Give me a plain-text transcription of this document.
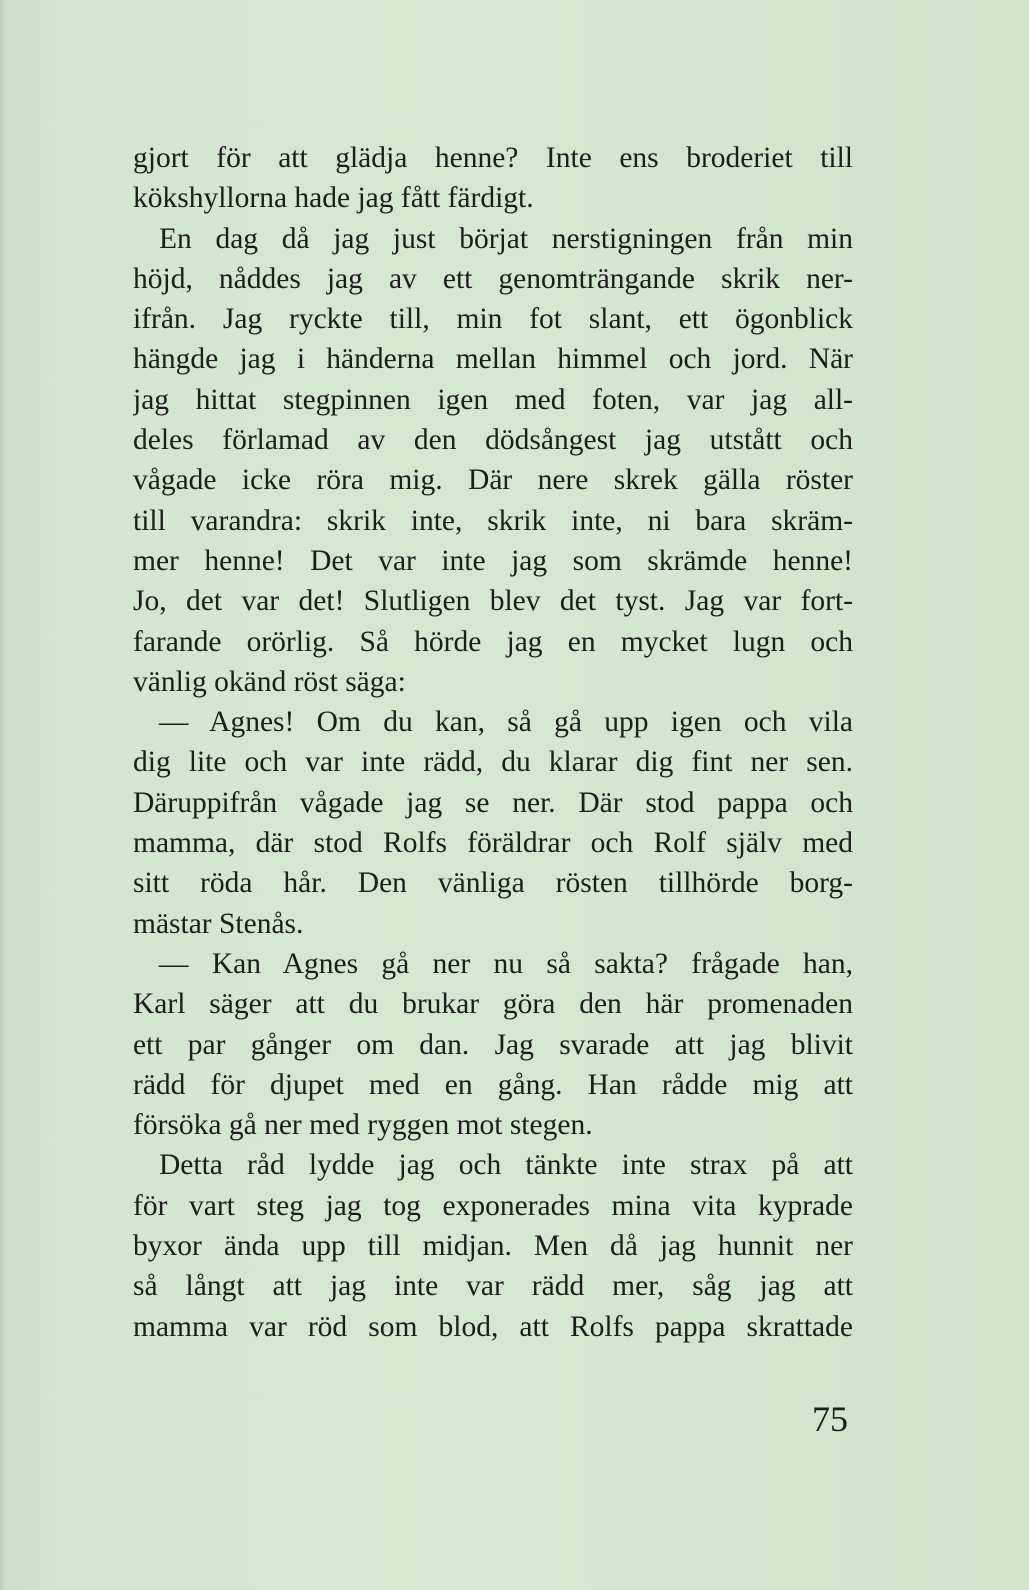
gjort för att glädja henne? Inte ens broderiet till
kökshyllorna hade jag fått färdigt.
En dag då jag just börjat nerstigningen från min
höjd, nåddes jag av ett genomträngande skrik ner-
ifrån. Jag ryckte till, min fot slant, ett ögonblick
hängde jag i händerna mellan himmel och jord. När
jag hittat stegpinnen igen med foten, var jag all-
deles förlamad av den dödsångest jag utstått och
vågade icke röra mig. Där nere skrek gälla röster
till varandra: skrik inte, skrik inte, ni bara skräm-
mer henne! Det var inte jag som skrämde henne!
Jo, det var det! Slutligen blev det tyst. Jag var fort-
farande orörlig. Så hörde jag en mycket lugn och
vänlig okänd röst säga:
— Agnes! Om du kan, så gå upp igen och vila
dig lite och var inte rädd, du klarar dig fint ner sen.
Däruppifrån vågade jag se ner. Där stod pappa och
mamma, där stod Rolfs föräldrar och Rolf själv med
sitt röda hår. Den vänliga rösten tillhörde borg-
mästar Stenås.
— Kan Agnes gå ner nu så sakta? frågade han,
Karl säger att du brukar göra den här promenaden
ett par gånger om dan. Jag svarade att jag blivit
rädd för djupet med en gång. Han rådde mig att
försöka gå ner med ryggen mot stegen.
Detta råd lydde jag och tänkte inte strax på att
för vart steg jag tog exponerades mina vita kyprade
byxor ända upp till midjan. Men då jag hunnit ner
så långt att jag inte var rädd mer, såg jag att
mamma var röd som blod, att Rolfs pappa skrattade
75
